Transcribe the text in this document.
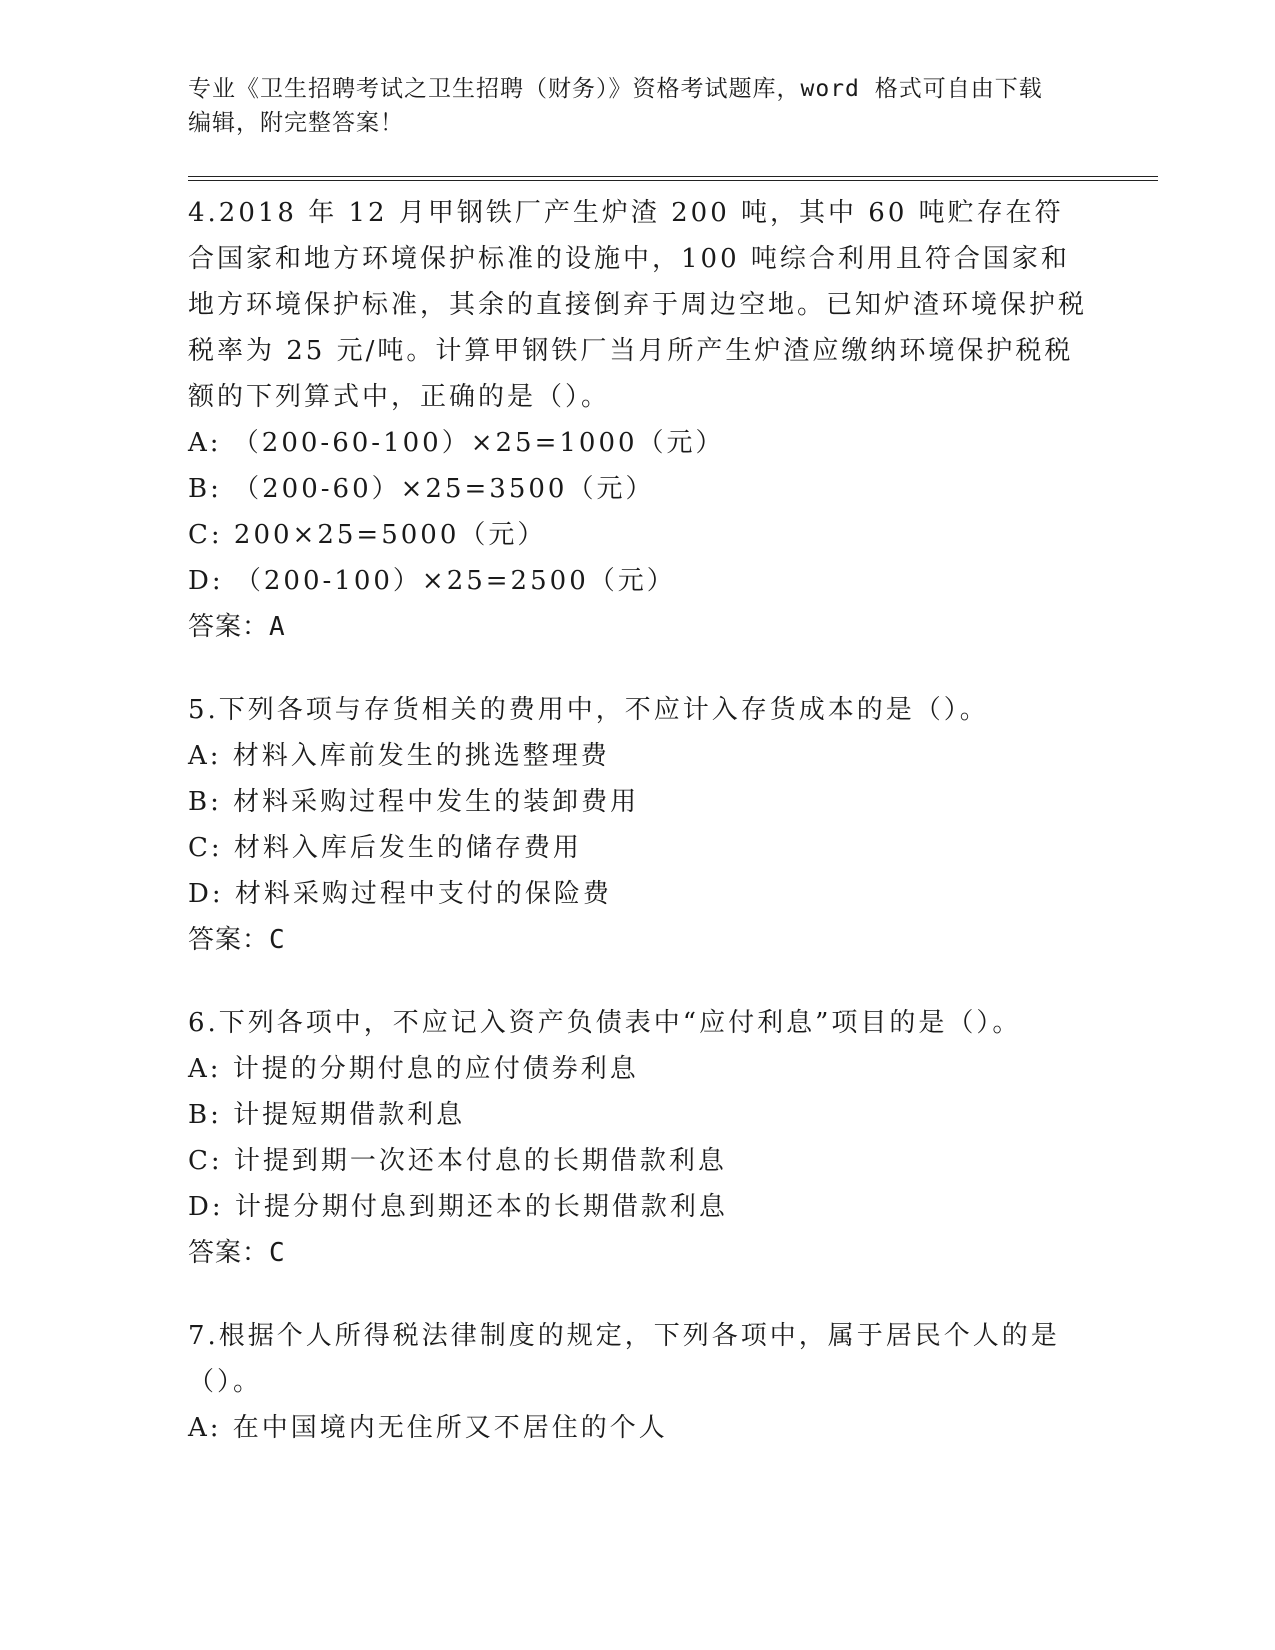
专业《卫生招聘考试之卫生招聘（财务）》资格考试题库，word 格式可自由下载
编辑，附完整答案！

4.2018 年 12 月甲钢铁厂产生炉渣 200 吨，其中 60 吨贮存在符合国家和地方环境保护标准的设施中，100 吨综合利用且符合国家和地方环境保护标准，其余的直接倒弃于周边空地。已知炉渣环境保护税税率为 25 元/吨。计算甲钢铁厂当月所产生炉渣应缴纳环境保护税税额的下列算式中，正确的是（）。

A: （200-60-100）×25=1000（元）

B: （200-60）×25=3500（元）

C: 200×25=5000（元）

D: （200-100）×25=2500（元）

答案：A

5.下列各项与存货相关的费用中，不应计入存货成本的是（）。

A: 材料入库前发生的挑选整理费

B: 材料采购过程中发生的装卸费用

C: 材料入库后发生的储存费用

D: 材料采购过程中支付的保险费

答案：C

6.下列各项中，不应记入资产负债表中“应付利息”项目的是（）。

A: 计提的分期付息的应付债券利息

B: 计提短期借款利息

C: 计提到期一次还本付息的长期借款利息

D: 计提分期付息到期还本的长期借款利息

答案：C

7.根据个人所得税法律制度的规定，下列各项中，属于居民个人的是（）。

A: 在中国境内无住所又不居住的个人
